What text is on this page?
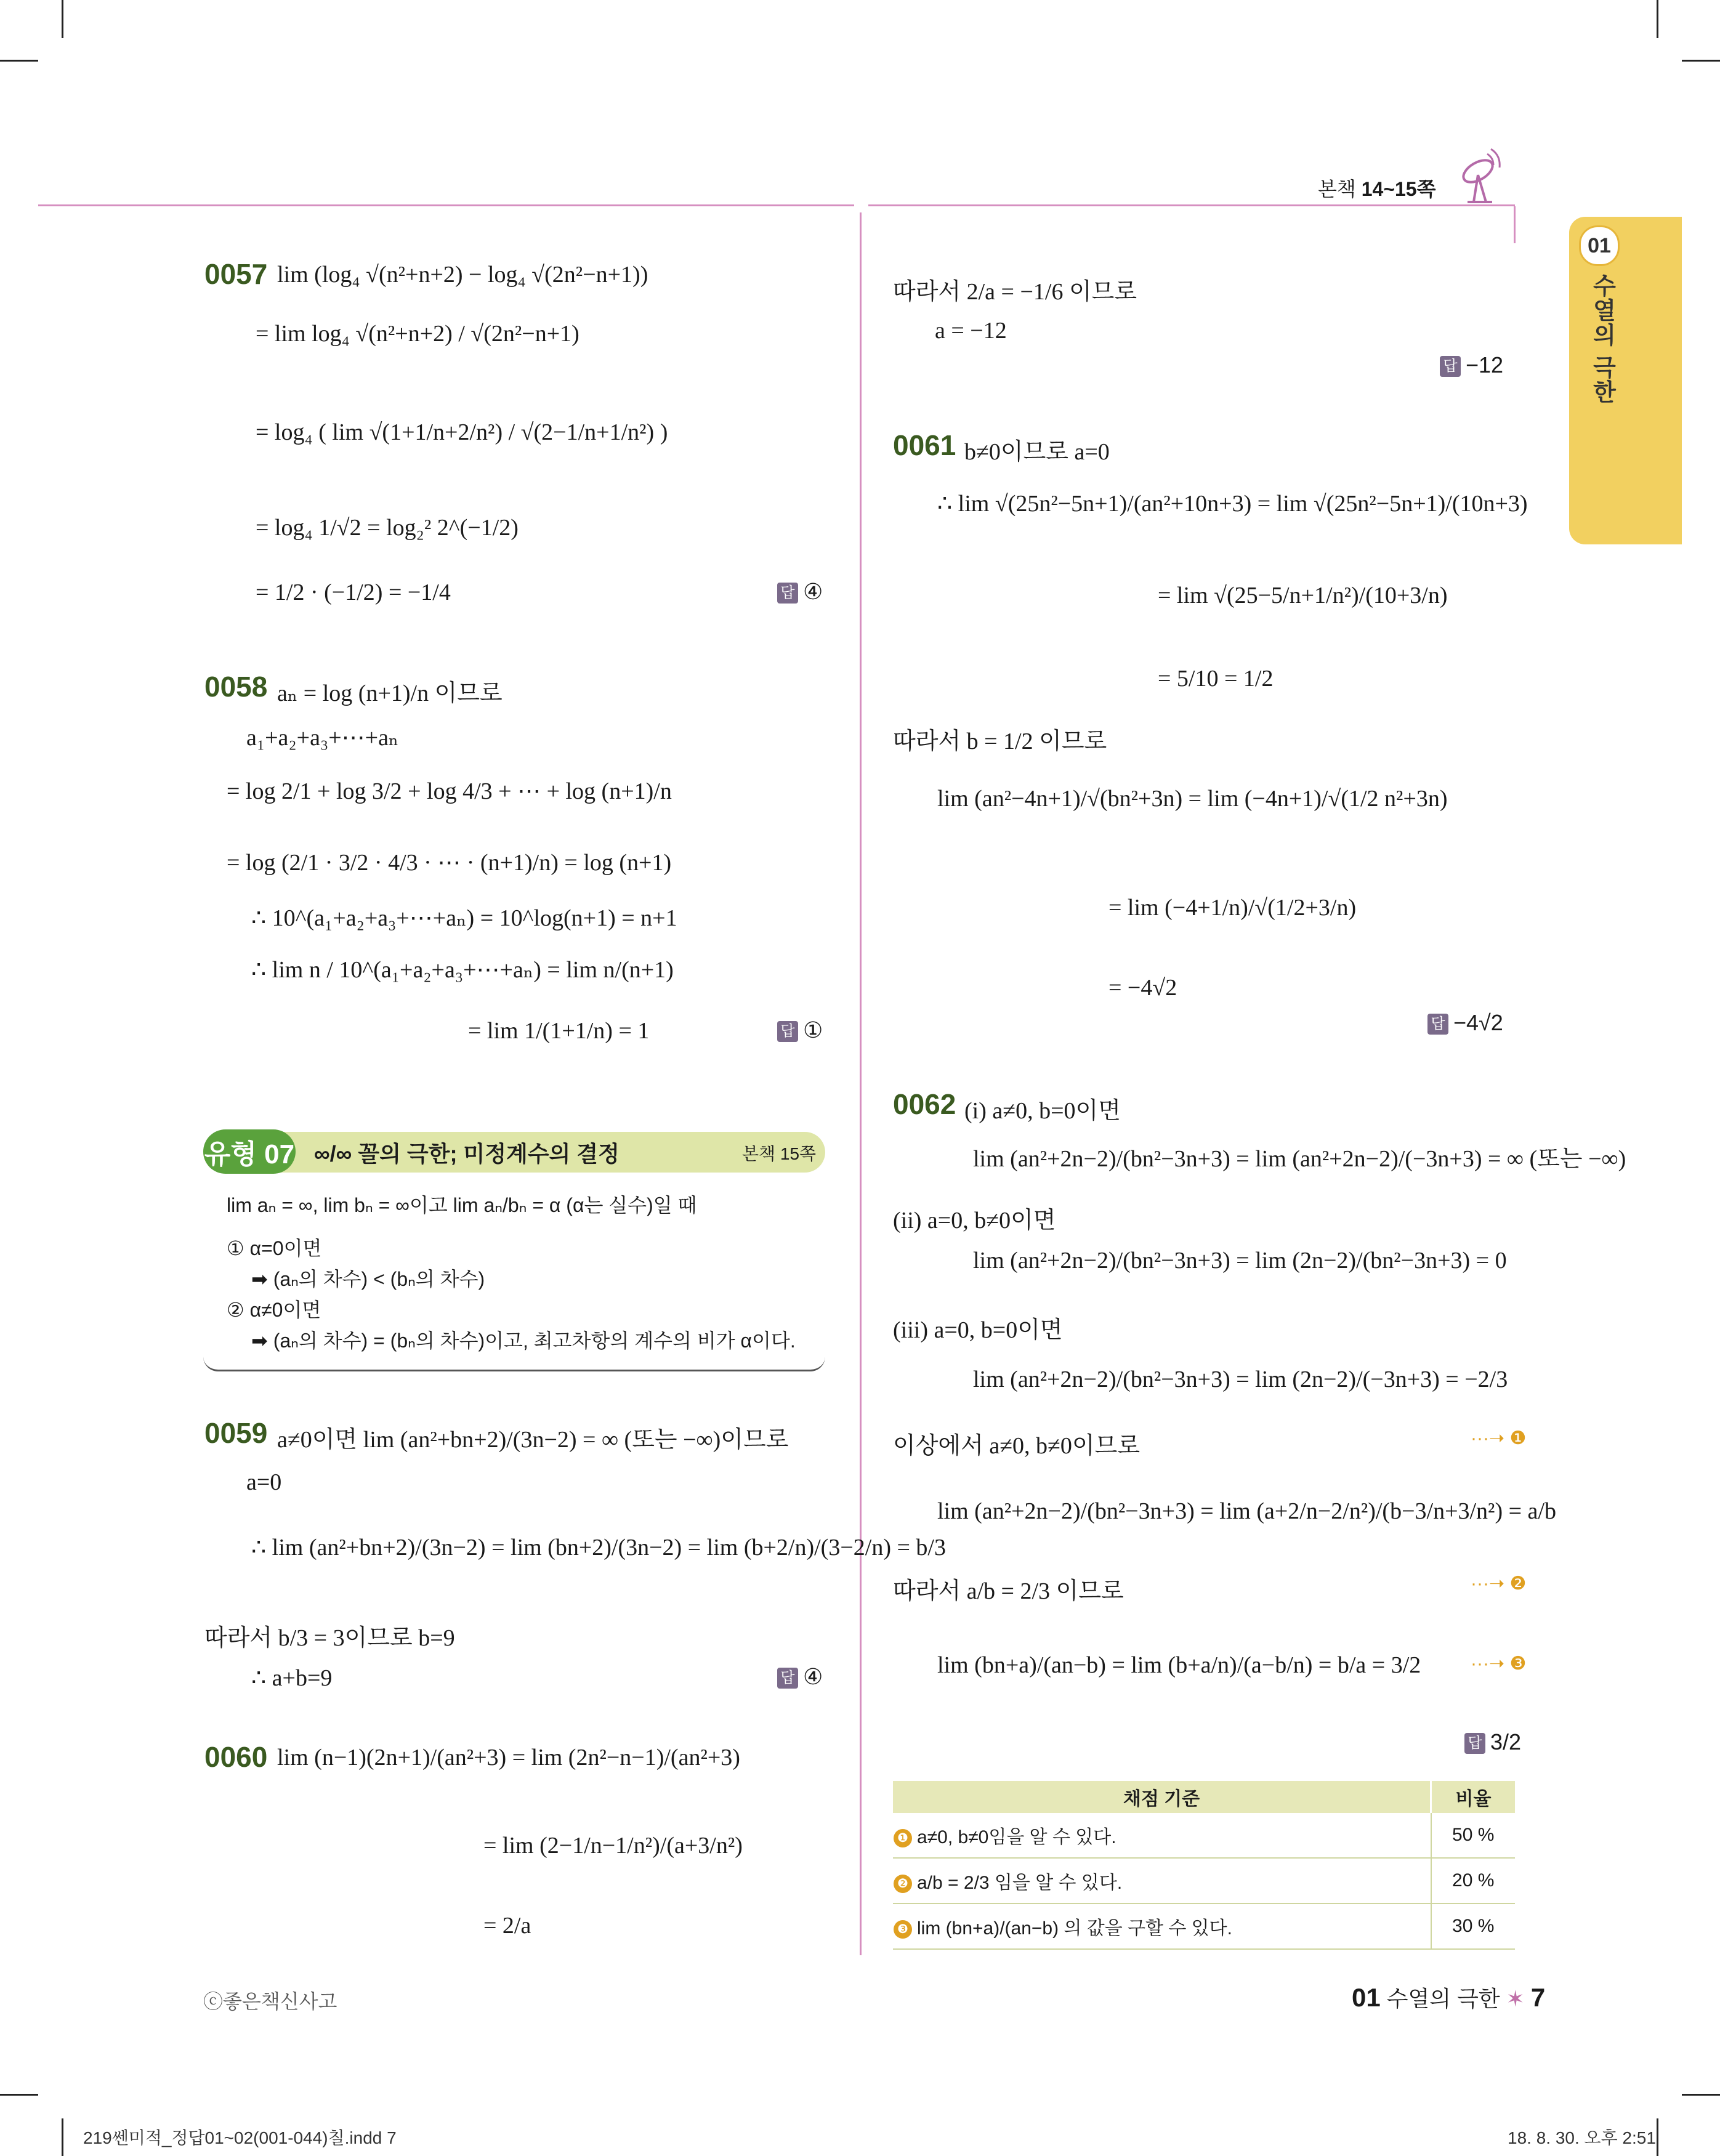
본책 14~15쪽
01
수열의 극한
0057 lim (log₄ √(n²+n+2) − log₄ √(2n²−n+1))
= lim log₄ √(n²+n+2) / √(2n²−n+1)
= log₄ ( lim √(1+1/n+2/n²) / √(2−1/n+1/n²) )
= log₄ 1/√2 = log₂² 2^(−1/2)
= 1/2 · (−1/2) = −1/4	답 ④
0058 aₙ = log (n+1)/n 이므로
a₁+a₂+a₃+⋯+aₙ
= log 2/1 + log 3/2 + log 4/3 + ⋯ + log (n+1)/n
= log (2/1 · 3/2 · 4/3 · ⋯ · (n+1)/n) = log (n+1)
∴ 10^(a₁+a₂+a₃+⋯+aₙ) = 10^log(n+1) = n+1
∴ lim n / 10^(a₁+a₂+a₃+⋯+aₙ) = lim n/(n+1)
= lim 1/(1+1/n) = 1	답 ①
유형 07 ∞/∞ 꼴의 극한; 미정계수의 결정	본책 15쪽
lim aₙ = ∞, lim bₙ = ∞이고 lim aₙ/bₙ = α (α는 실수)일 때
① α=0이면
➡ (aₙ의 차수) < (bₙ의 차수)
② α≠0이면
➡ (aₙ의 차수) = (bₙ의 차수)이고, 최고차항의 계수의 비가 α이다.
0059 a≠0이면 lim (an²+bn+2)/(3n−2) = ∞ (또는 −∞)이므로
a=0
∴ lim (an²+bn+2)/(3n−2) = lim (bn+2)/(3n−2) = lim (b+2/n)/(3−2/n) = b/3
따라서 b/3 = 3이므로 b=9
∴ a+b=9	답 ④
0060 lim (n−1)(2n+1)/(an²+3) = lim (2n²−n−1)/(an²+3)
= lim (2−1/n−1/n²)/(a+3/n²)
= 2/a
따라서 2/a = −1/6 이므로
a = −12
답 −12
0061 b≠0이므로 a=0
∴ lim √(25n²−5n+1)/(an²+10n+3) = lim √(25n²−5n+1)/(10n+3)
= lim √(25−5/n+1/n²)/(10+3/n)
= 5/10 = 1/2
따라서 b = 1/2 이므로
lim (an²−4n+1)/√(bn²+3n) = lim (−4n+1)/√(1/2 n²+3n)
= lim (−4+1/n)/√(1/2+3/n)
= −4√2
답 −4√2
0062 (i) a≠0, b=0이면
lim (an²+2n−2)/(bn²−3n+3) = lim (an²+2n−2)/(−3n+3) = ∞ (또는 −∞)
(ii) a=0, b≠0이면
lim (an²+2n−2)/(bn²−3n+3) = lim (2n−2)/(bn²−3n+3) = 0
(iii) a=0, b=0이면
lim (an²+2n−2)/(bn²−3n+3) = lim (2n−2)/(−3n+3) = −2/3
이상에서 a≠0, b≠0이므로	···➝ ❶
lim (an²+2n−2)/(bn²−3n+3) = lim (a+2/n−2/n²)/(b−3/n+3/n²) = a/b
따라서 a/b = 2/3 이므로	···➝ ❷
lim (bn+a)/(an−b) = lim (b+a/n)/(a−b/n) = b/a = 3/2	···➝ ❸
답 3/2
채점 기준	비율
❶ a≠0, b≠0임을 알 수 있다.	50 %
❷ a/b = 2/3 임을 알 수 있다.	20 %
❸ lim (bn+a)/(an−b) 의 값을 구할 수 있다.	30 %
ⓒ좋은책신사고	01 수열의 극한 ✶ 7
219쎈미적_정답01~02(001-044)칠.indd 7	18. 8. 30. 오후 2:51
